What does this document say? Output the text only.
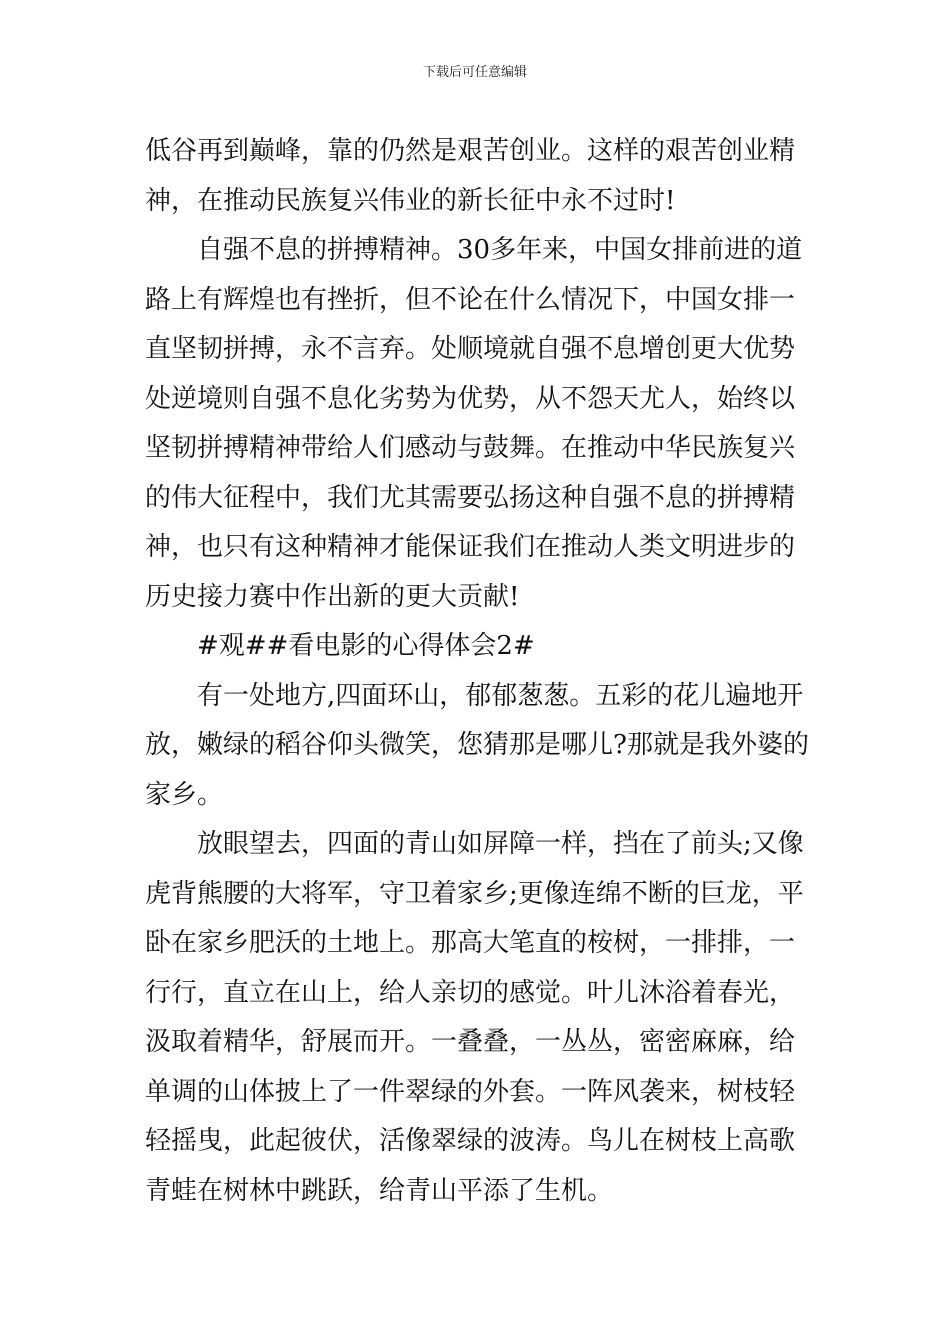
下载后可任意编辑
低谷再到巅峰，靠的仍然是艰苦创业。这样的艰苦创业精
神，在推动民族复兴伟业的新长征中永不过时!
自强不息的拼搏精神。30多年来，中国女排前进的道
路上有辉煌也有挫折，但不论在什么情况下，中国女排一
直坚韧拼搏，永不言弃。处顺境就自强不息增创更大优势
处逆境则自强不息化劣势为优势，从不怨天尤人，始终以
坚韧拼搏精神带给人们感动与鼓舞。在推动中华民族复兴
的伟大征程中，我们尤其需要弘扬这种自强不息的拼搏精
神，也只有这种精神才能保证我们在推动人类文明进步的
历史接力赛中作出新的更大贡献!
#观##看电影的心得体会2#
有一处地方,四面环山，郁郁葱葱。五彩的花儿遍地开
放，嫩绿的稻谷仰头微笑，您猜那是哪儿?那就是我外婆的
家乡。
放眼望去，四面的青山如屏障一样，挡在了前头;又像
虎背熊腰的大将军，守卫着家乡;更像连绵不断的巨龙，平
卧在家乡肥沃的土地上。那高大笔直的桉树，一排排，一
行行，直立在山上，给人亲切的感觉。叶儿沐浴着春光，
汲取着精华，舒展而开。一叠叠，一丛丛，密密麻麻，给
单调的山体披上了一件翠绿的外套。一阵风袭来，树枝轻
轻摇曳，此起彼伏，活像翠绿的波涛。鸟儿在树枝上高歌
青蛙在树林中跳跃，给青山平添了生机。
